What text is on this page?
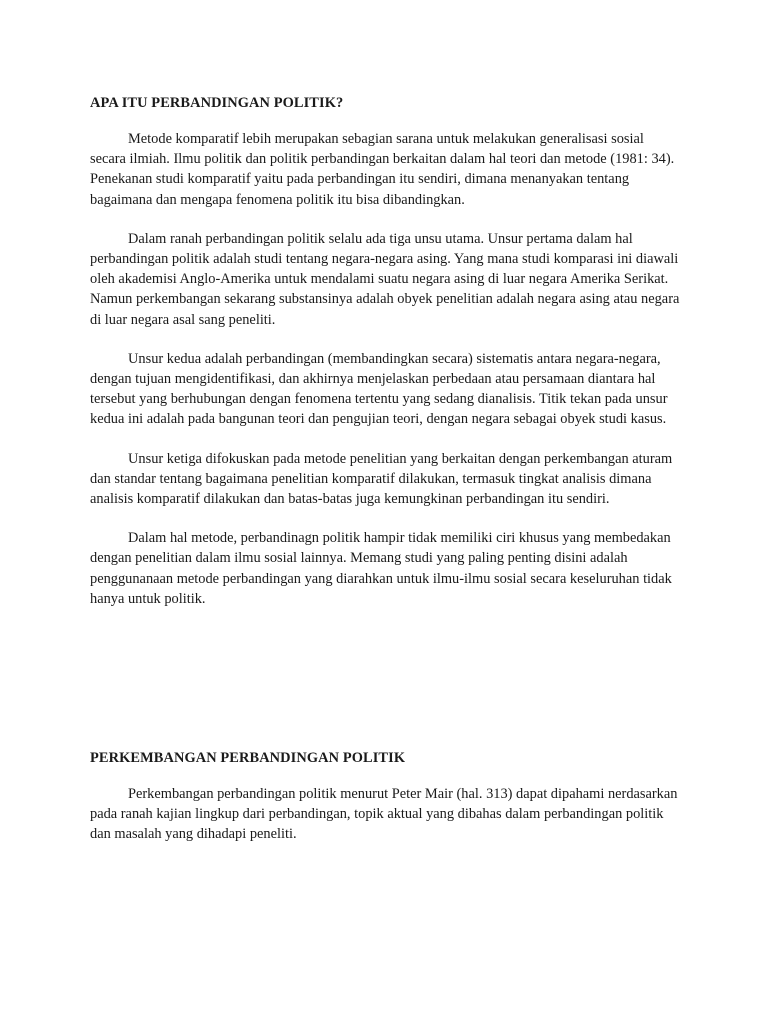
APA ITU PERBANDINGAN POLITIK?

Metode komparatif lebih merupakan sebagian sarana untuk melakukan generalisasi sosial secara ilmiah. Ilmu politik dan politik perbandingan berkaitan dalam hal teori dan metode (1981: 34). Penekanan studi komparatif yaitu pada perbandingan itu sendiri, dimana menanyakan tentang bagaimana dan mengapa fenomena politik itu bisa dibandingkan.

Dalam ranah perbandingan politik selalu ada tiga unsu utama. Unsur pertama dalam hal perbandingan politik adalah studi tentang negara-negara asing. Yang mana studi komparasi ini diawali oleh akademisi Anglo-Amerika untuk mendalami suatu negara asing di luar negara Amerika Serikat. Namun perkembangan sekarang substansinya adalah obyek penelitian adalah negara asing atau negara di luar negara asal sang peneliti.

Unsur kedua adalah perbandingan (membandingkan secara) sistematis antara negara-negara, dengan tujuan mengidentifikasi, dan akhirnya menjelaskan perbedaan atau persamaan diantara hal tersebut yang berhubungan dengan fenomena tertentu yang sedang dianalisis. Titik tekan pada unsur kedua ini adalah pada bangunan teori dan pengujian teori, dengan negara sebagai obyek studi kasus.

Unsur ketiga difokuskan pada metode penelitian yang berkaitan dengan perkembangan aturam dan standar tentang bagaimana penelitian komparatif dilakukan, termasuk tingkat analisis dimana analisis komparatif dilakukan dan batas-batas juga kemungkinan perbandingan itu sendiri.

Dalam hal metode, perbandinagn politik hampir tidak memiliki ciri khusus yang membedakan dengan penelitian dalam ilmu sosial lainnya. Memang studi yang paling penting disini adalah penggunanaan metode perbandingan yang diarahkan untuk ilmu-ilmu sosial secara keseluruhan tidak hanya untuk politik.

PERKEMBANGAN PERBANDINGAN POLITIK

Perkembangan perbandingan politik menurut Peter Mair (hal. 313) dapat dipahami nerdasarkan pada ranah kajian lingkup dari perbandingan, topik aktual yang dibahas dalam perbandingan politik dan masalah yang dihadapi peneliti.
